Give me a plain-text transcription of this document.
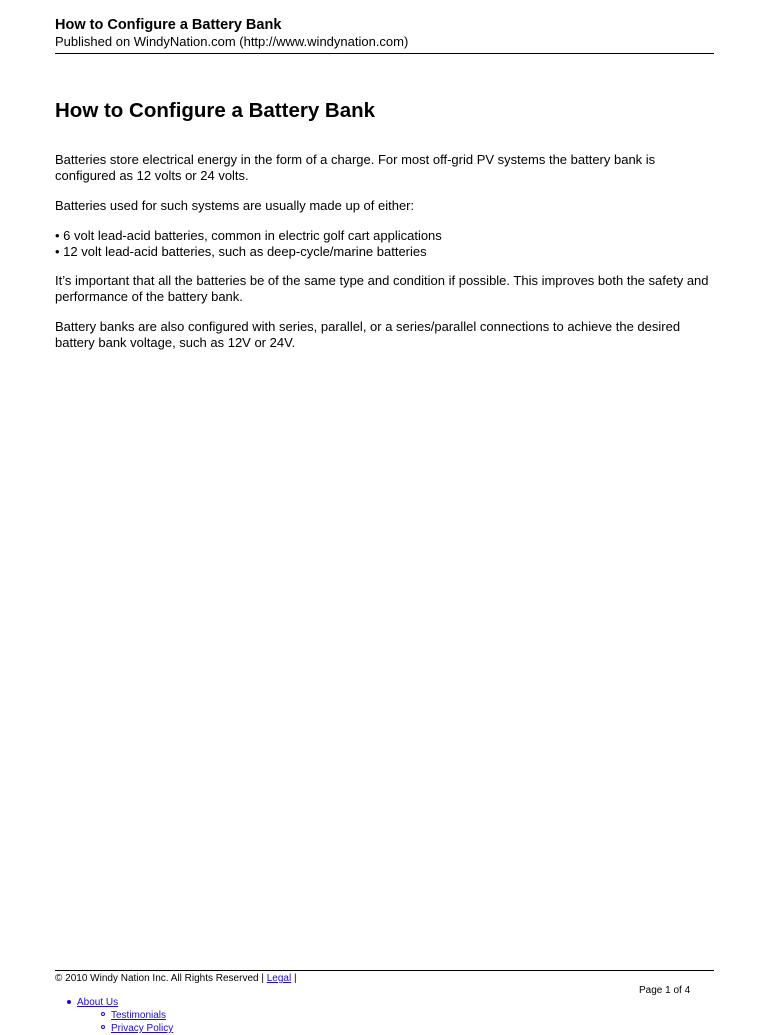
How to Configure a Battery Bank
Published on WindyNation.com (http://www.windynation.com)
How to Configure a Battery Bank

Batteries store electrical energy in the form of a charge. For most off-grid PV systems the battery bank is configured as 12 volts or 24 volts.

Batteries used for such systems are usually made up of either:

• 6 volt lead-acid batteries, common in electric golf cart applications
• 12 volt lead-acid batteries, such as deep-cycle/marine batteries

It’s important that all the batteries be of the same type and condition if possible. This improves both the safety and performance of the battery bank.

Battery banks are also configured with series, parallel, or a series/parallel connections to achieve the desired battery bank voltage, such as 12V or 24V.

© 2010 Windy Nation Inc. All Rights Reserved | Legal |
Page 1 of 4
About Us
Testimonials
Privacy Policy
